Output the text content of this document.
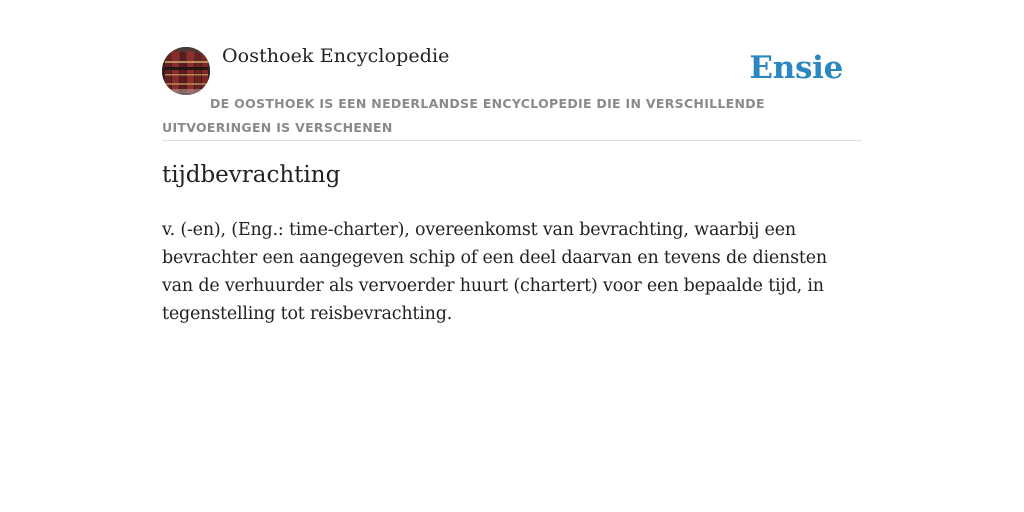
Oosthoek Encyclopedie	Ensie
DE OOSTHOEK IS EEN NEDERLANDSE ENCYCLOPEDIE DIE IN VERSCHILLENDE UITVOERINGEN IS VERSCHENEN
tijdbevrachting

v. (-en), (Eng.: time-charter), overeenkomst van bevrachting, waarbij een bevrachter een aangegeven schip of een deel daarvan en tevens de diensten van de verhuurder als vervoerder huurt (chartert) voor een bepaalde tijd, in tegenstelling tot reisbevrachting.
